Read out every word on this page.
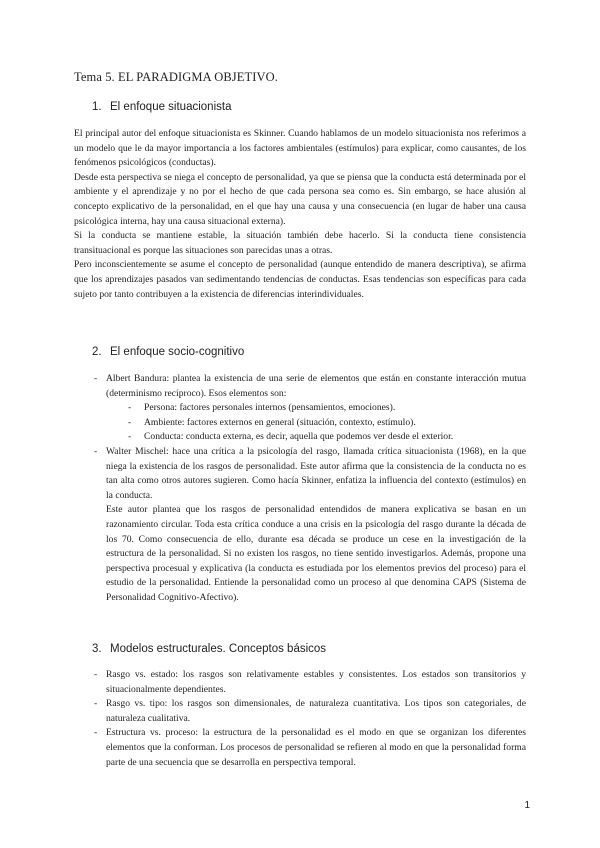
Tema 5. EL PARADIGMA OBJETIVO.
1. El enfoque situacionista

El principal autor del enfoque situacionista es Skinner. Cuando hablamos de un modelo situacionista nos referimos a un modelo que le da mayor importancia a los factores ambientales (estímulos) para explicar, como causantes, de los fenómenos psicológicos (conductas).

Desde esta perspectiva se niega el concepto de personalidad, ya que se piensa que la conducta está determinada por el ambiente y el aprendizaje y no por el hecho de que cada persona sea como es. Sin embargo, se hace alusión al concepto explicativo de la personalidad, en el que hay una causa y una consecuencia (en lugar de haber una causa psicológica interna, hay una causa situacional externa).

Si la conducta se mantiene estable, la situación también debe hacerlo. Si la conducta tiene consistencia transituacional es porque las situaciones son parecidas unas a otras.

Pero inconscientemente se asume el concepto de personalidad (aunque entendido de manera descriptiva), se afirma que los aprendizajes pasados van sedimentando tendencias de conductas. Esas tendencias son específicas para cada sujeto por tanto contribuyen a la existencia de diferencias interindividuales.

2. El enfoque socio-cognitivo
- Albert Bandura: plantea la existencia de una serie de elementos que están en constante interacción mutua (determinismo recíproco). Esos elementos son:
- Persona: factores personales internos (pensamientos, emociones).
- Ambiente: factores externos en general (situación, contexto, estímulo).
- Conducta: conducta externa, es decir, aquella que podemos ver desde el exterior.
- Walter Mischel: hace una crítica a la psicología del rasgo, llamada crítica situacionista (1968), en la que niega la existencia de los rasgos de personalidad. Este autor afirma que la consistencia de la conducta no es tan alta como otros autores sugieren. Como hacía Skinner, enfatiza la influencia del contexto (estímulos) en la conducta.
Este autor plantea que los rasgos de personalidad entendidos de manera explicativa se basan en un razonamiento circular. Toda esta crítica conduce a una crisis en la psicología del rasgo durante la década de los 70. Como consecuencia de ello, durante esa década se produce un cese en la investigación de la estructura de la personalidad. Si no existen los rasgos, no tiene sentido investigarlos. Además, propone una perspectiva procesual y explicativa (la conducta es estudiada por los elementos previos del proceso) para el estudio de la personalidad. Entiende la personalidad como un proceso al que denomina CAPS (Sistema de Personalidad Cognitivo-Afectivo).
3. Modelos estructurales. Conceptos básicos
- Rasgo vs. estado: los rasgos son relativamente estables y consistentes. Los estados son transitorios y situacionalmente dependientes.
- Rasgo vs. tipo: los rasgos son dimensionales, de naturaleza cuantitativa. Los tipos son categoriales, de naturaleza cualitativa.
- Estructura vs. proceso: la estructura de la personalidad es el modo en que se organizan los diferentes elementos que la conforman. Los procesos de personalidad se refieren al modo en que la personalidad forma parte de una secuencia que se desarrolla en perspectiva temporal.
1
